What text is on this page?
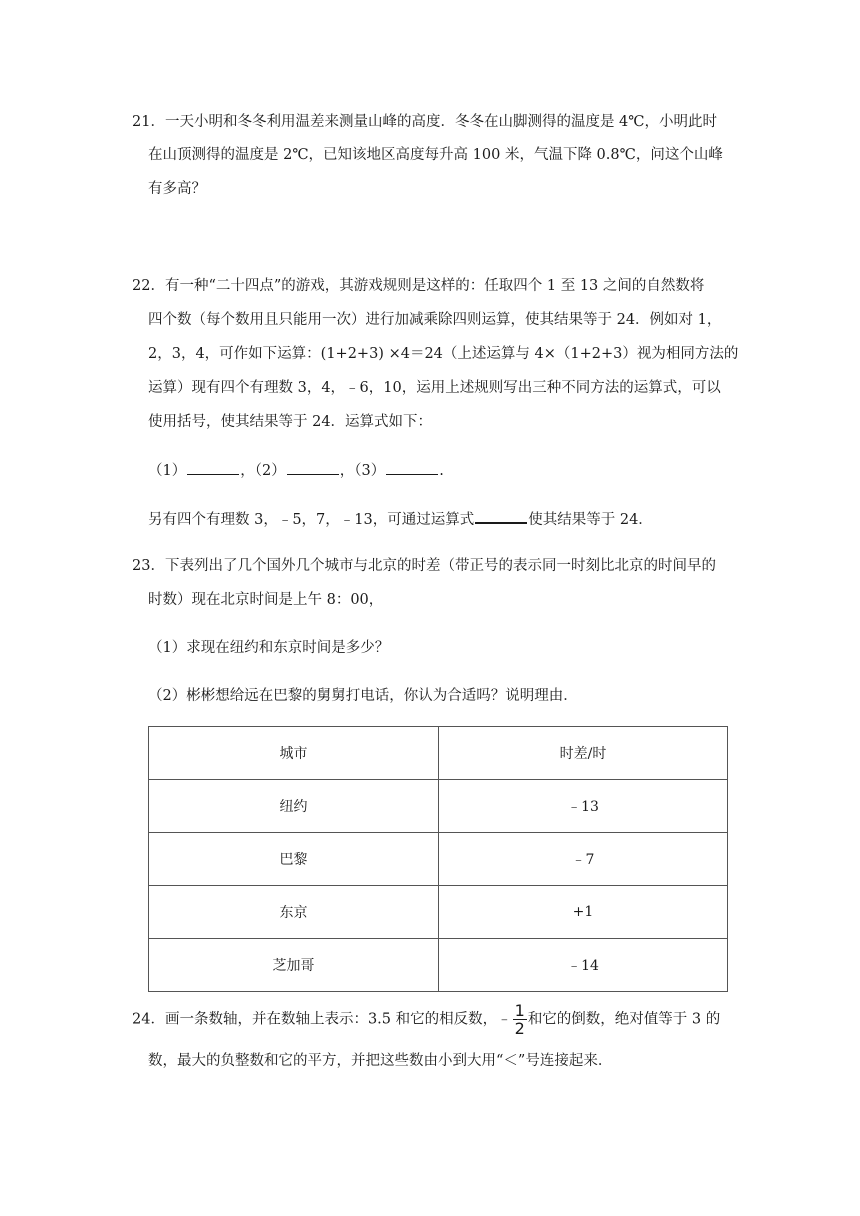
21．一天小明和冬冬利用温差来测量山峰的高度．冬冬在山脚测得的温度是 4℃，小明此时
在山顶测得的温度是 2℃，已知该地区高度每升高 100 米，气温下降 0.8℃，问这个山峰
有多高？
22．有一种“二十四点”的游戏，其游戏规则是这样的：任取四个 1 至 13 之间的自然数将
四个数（每个数用且只能用一次）进行加减乘除四则运算，使其结果等于 24．例如对 1，
2，3，4，可作如下运算：(1+2+3) ×4＝24（上述运算与 4×（1+2+3）视为相同方法的
运算）现有四个有理数 3，4，﹣6，10，运用上述规则写出三种不同方法的运算式，可以
使用括号，使其结果等于 24．运算式如下：
（1）	，（2）	，（3）	.
另有四个有理数 3，﹣5，7，﹣13，可通过运算式	使其结果等于 24．
23．下表列出了几个国外几个城市与北京的时差（带正号的表示同一时刻比北京的时间早的
时数）现在北京时间是上午 8：00，
（1）求现在纽约和东京时间是多少？
（2）彬彬想给远在巴黎的舅舅打电话，你认为合适吗？说明理由．
城市	时差/时
纽约	﹣13
巴黎	﹣7
东京	+1
芝加哥	﹣14
24．画一条数轴，并在数轴上表示：3.5 和它的相反数，﹣ $\frac{1}{2}$ 和它的倒数，绝对值等于 3 的
数，最大的负整数和它的平方，并把这些数由小到大用“＜”号连接起来．
